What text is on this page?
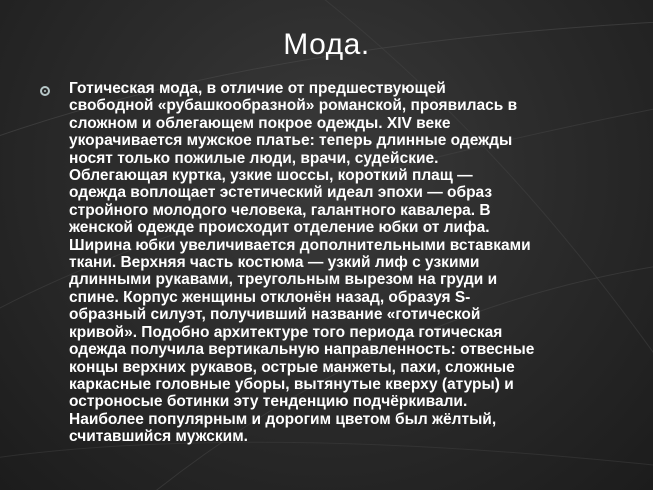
Мода.

Готическая мода, в отличие от предшествующей
свободной «рубашкообразной» романской, проявилась в
сложном и облегающем покрое одежды. XIV веке
укорачивается мужское платье: теперь длинные одежды
носят только пожилые люди, врачи, судейские.
Облегающая куртка, узкие шоссы, короткий плащ —
одежда воплощает эстетический идеал эпохи — образ
стройного молодого человека, галантного кавалера. В
женской одежде происходит отделение юбки от лифа.
Ширина юбки увеличивается дополнительными вставками
ткани. Верхняя часть костюма — узкий лиф с узкими
длинными рукавами, треугольным вырезом на груди и
спине. Корпус женщины отклонён назад, образуя S-
образный силуэт, получивший название «готической
кривой». Подобно архитектуре того периода готическая
одежда получила вертикальную направленность: отвесные
концы верхних рукавов, острые манжеты, пахи, сложные
каркасные головные уборы, вытянутые кверху (атуры) и
остроносые ботинки эту тенденцию подчёркивали.
Наиболее популярным и дорогим цветом был жёлтый,
считавшийся мужским.
